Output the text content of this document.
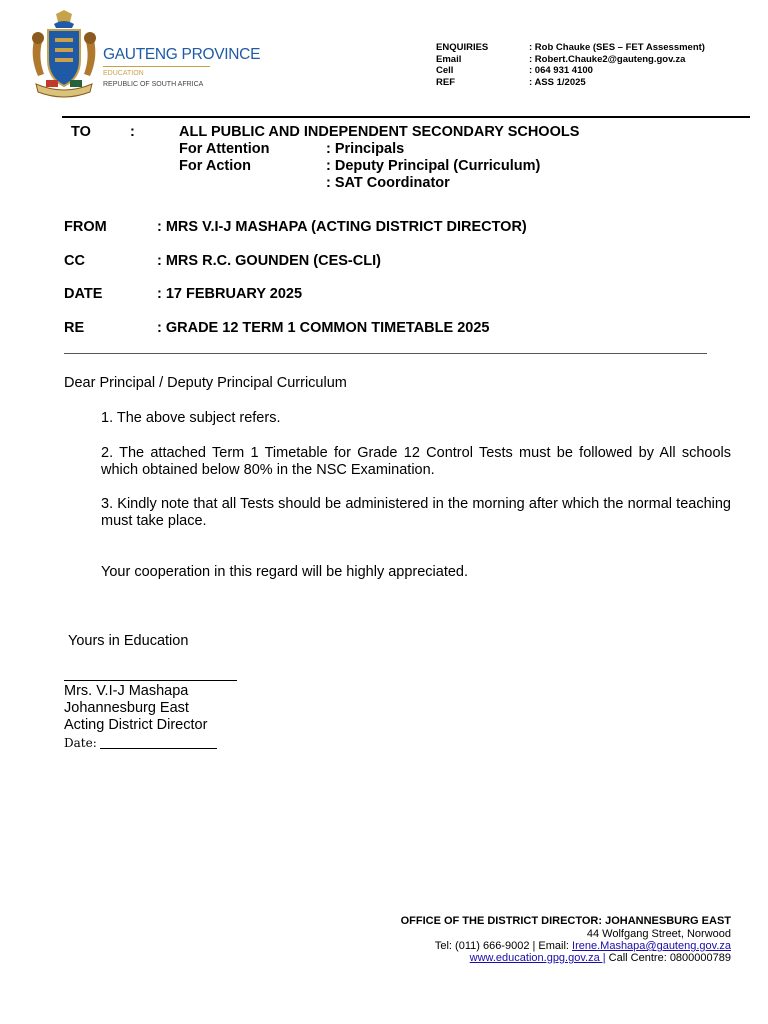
GAUTENG PROVINCE
EDUCATION
REPUBLIC OF SOUTH AFRICA
ENQUIRIES	: Rob Chauke (SES – FET Assessment)
Email	: Robert.Chauke2@gauteng.gov.za
Cell	: 064 931 4100
REF	: ASS 1/2025
TO	:	ALL PUBLIC AND INDEPENDENT SECONDARY SCHOOLS
For Attention	: Principals
For Action	: Deputy Principal (Curriculum)
: SAT Coordinator
FROM	: MRS V.I-J MASHAPA (ACTING DISTRICT DIRECTOR)
CC	: MRS R.C. GOUNDEN (CES-CLI)
DATE	: 17 FEBRUARY 2025
RE	: GRADE 12 TERM 1 COMMON TIMETABLE 2025
Dear Principal / Deputy Principal Curriculum
1. The above subject refers.
2. The attached Term 1 Timetable for Grade 12 Control Tests must be followed by All schools which obtained below 80% in the NSC Examination.
3. Kindly note that all Tests should be administered in the morning after which the normal teaching must take place.
Your cooperation in this regard will be highly appreciated.
Yours in Education
Mrs. V.I-J Mashapa
Johannesburg East
Acting District Director
Date:
OFFICE OF THE DISTRICT DIRECTOR: JOHANNESBURG EAST
44 Wolfgang Street, Norwood
Tel: (011) 666-9002 | Email: Irene.Mashapa@gauteng.gov.za
www.education.gpg.gov.za | Call Centre: 0800000789
